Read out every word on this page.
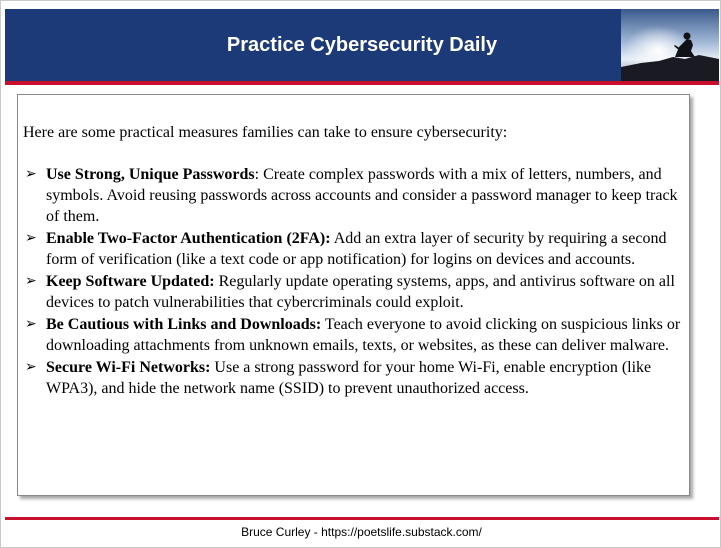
Practice Cybersecurity Daily

Here are some practical measures families can take to ensure cybersecurity:

➢ Use Strong, Unique Passwords: Create complex passwords with a mix of letters, numbers, and symbols. Avoid reusing passwords across accounts and consider a password manager to keep track of them.
➢ Enable Two-Factor Authentication (2FA): Add an extra layer of security by requiring a second form of verification (like a text code or app notification) for logins on devices and accounts.
➢ Keep Software Updated: Regularly update operating systems, apps, and antivirus software on all devices to patch vulnerabilities that cybercriminals could exploit.
➢ Be Cautious with Links and Downloads: Teach everyone to avoid clicking on suspicious links or downloading attachments from unknown emails, texts, or websites, as these can deliver malware.
➢ Secure Wi-Fi Networks: Use a strong password for your home Wi-Fi, enable encryption (like WPA3), and hide the network name (SSID) to prevent unauthorized access.
Bruce Curley - https://poetslife.substack.com/
